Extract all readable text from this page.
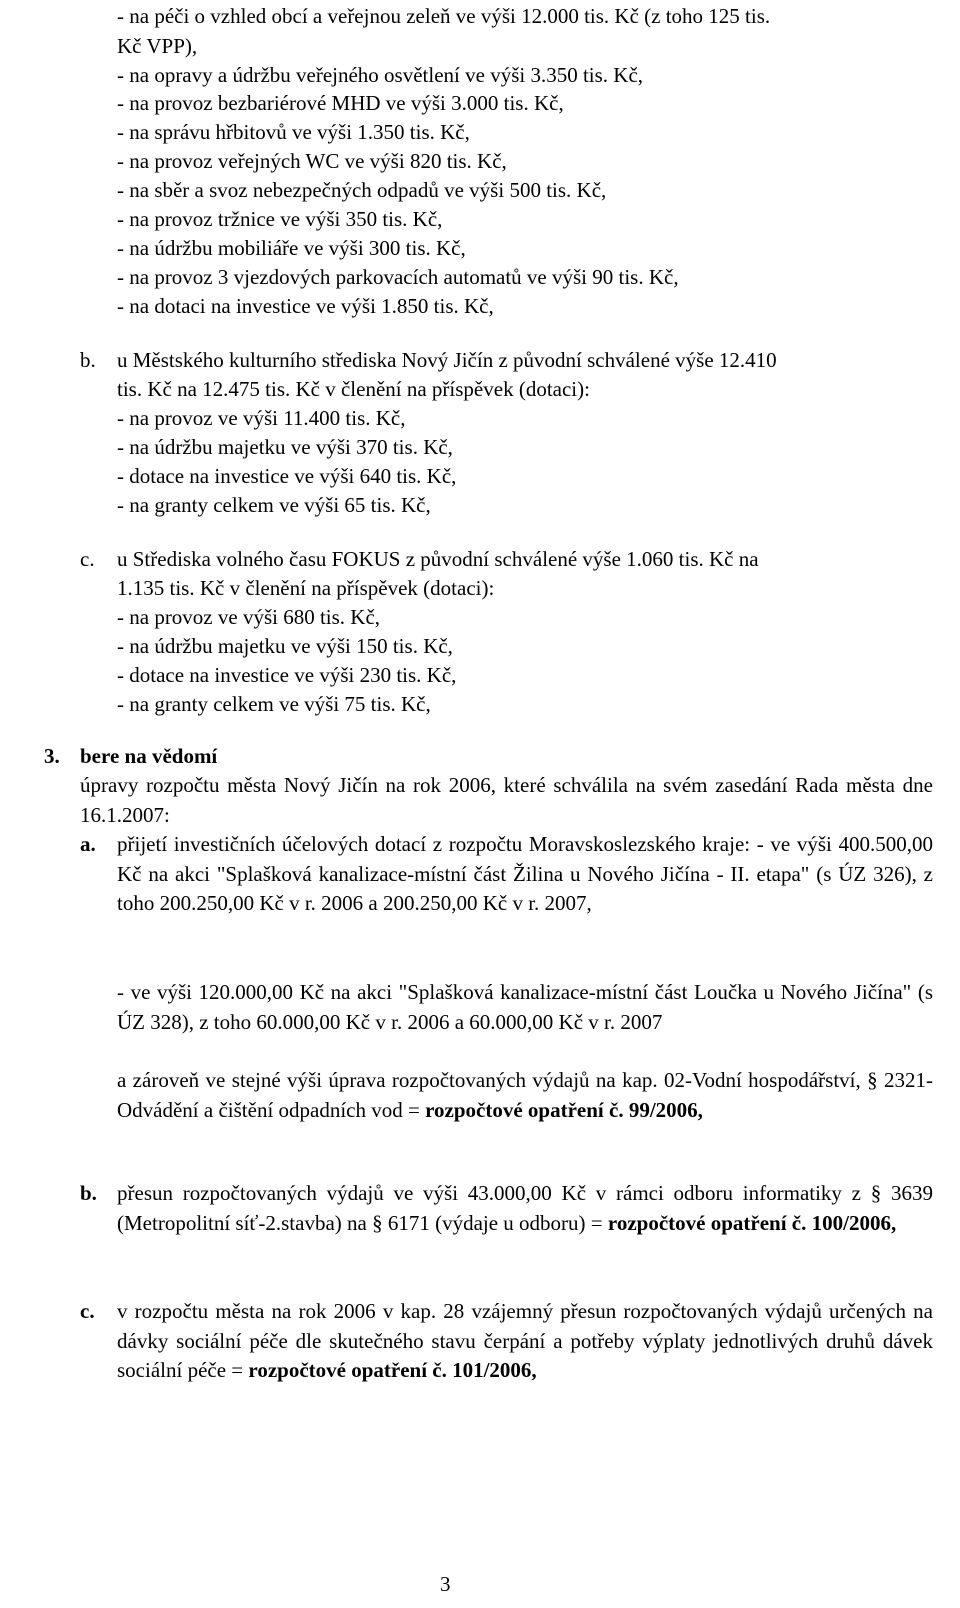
- na péči o vzhled obcí a veřejnou zeleň ve výši 12.000 tis. Kč (z toho 125 tis.
Kč VPP),
- na opravy a údržbu veřejného osvětlení ve výši 3.350 tis. Kč,
- na provoz bezbariérové MHD ve výši 3.000 tis. Kč,
- na správu hřbitovů ve výši 1.350 tis. Kč,
- na provoz veřejných WC ve výši 820 tis. Kč,
- na sběr a svoz nebezpečných odpadů ve výši 500 tis. Kč,
- na provoz tržnice ve výši 350 tis. Kč,
- na údržbu mobiliáře ve výši 300 tis. Kč,
- na provoz 3 vjezdových parkovacích automatů ve výši 90 tis. Kč,
- na dotaci na investice ve výši 1.850 tis. Kč,
b. u Městského kulturního střediska Nový Jičín z původní schválené výše 12.410
tis. Kč na 12.475 tis. Kč v členění na příspěvek (dotaci):
- na provoz ve výši 11.400 tis. Kč,
- na údržbu majetku ve výši 370 tis. Kč,
- dotace na investice ve výši 640 tis. Kč,
- na granty celkem ve výši 65 tis. Kč,
c. u Střediska volného času FOKUS z původní schválené výše 1.060 tis. Kč na
1.135 tis. Kč v členění na příspěvek (dotaci):
- na provoz ve výši 680 tis. Kč,
- na údržbu majetku ve výši 150 tis. Kč,
- dotace na investice ve výši 230 tis. Kč,
- na granty celkem ve výši 75 tis. Kč,
3. bere na vědomí
úpravy rozpočtu města Nový Jičín na rok 2006, které schválila na svém zasedání Rada města dne 16.1.2007:
a. přijetí investičních účelových dotací z rozpočtu Moravskoslezského kraje: - ve výši 400.500,00 Kč na akci "Splašková kanalizace-místní část Žilina u Nového Jičína - II. etapa" (s ÚZ 326), z toho 200.250,00 Kč v r. 2006 a 200.250,00 Kč v r. 2007,
- ve výši 120.000,00 Kč na akci "Splašková kanalizace-místní část Loučka u Nového Jičína" (s ÚZ 328), z toho 60.000,00 Kč v r. 2006 a 60.000,00 Kč v r. 2007
a zároveň ve stejné výši úprava rozpočtovaných výdajů na kap. 02-Vodní hospodářství, § 2321-Odvádění a čištění odpadních vod = rozpočtové opatření č. 99/2006,
b. přesun rozpočtovaných výdajů ve výši 43.000,00 Kč v rámci odboru informatiky z § 3639 (Metropolitní síť-2.stavba) na § 6171 (výdaje u odboru) = rozpočtové opatření č. 100/2006,
c. v rozpočtu města na rok 2006 v kap. 28 vzájemný přesun rozpočtovaných výdajů určených na dávky sociální péče dle skutečného stavu čerpání a potřeby výplaty jednotlivých druhů dávek sociální péče = rozpočtové opatření č. 101/2006,
3
